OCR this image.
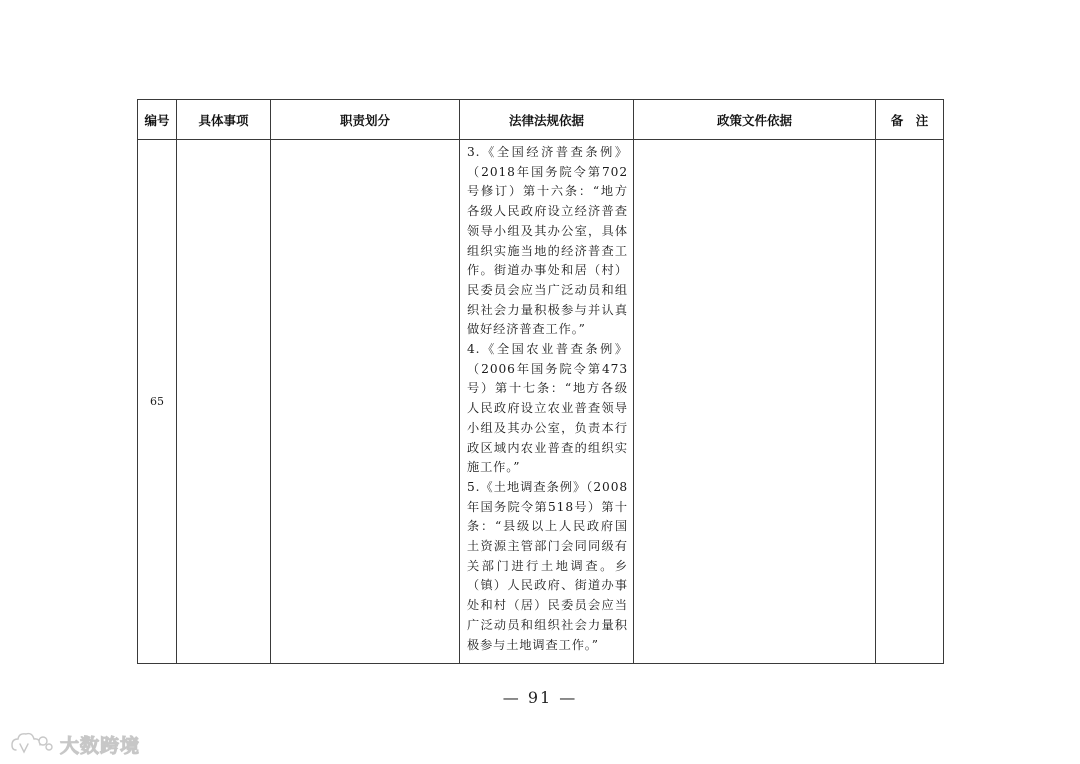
编号	具体事项	职责划分	法律法规依据	政策文件依据	备　注
65			3.《全国经济普查条例》（2018年国务院令第702号修订）第十六条：“地方各级人民政府设立经济普查领导小组及其办公室，具体组织实施当地的经济普查工作。街道办事处和居（村）民委员会应当广泛动员和组织社会力量积极参与并认真做好经济普查工作。”

4.《全国农业普查条例》（2006年国务院令第473号）第十七条：“地方各级人民政府设立农业普查领导小组及其办公室，负责本行政区域内农业普查的组织实施工作。”

5.《土地调查条例》（2008年国务院令第518号）第十条：“县级以上人民政府国土资源主管部门会同同级有关部门进行土地调查。乡（镇）人民政府、街道办事处和村（居）民委员会应当广泛动员和组织社会力量积极参与土地调查工作。”		

— 91 —
大数跨境
